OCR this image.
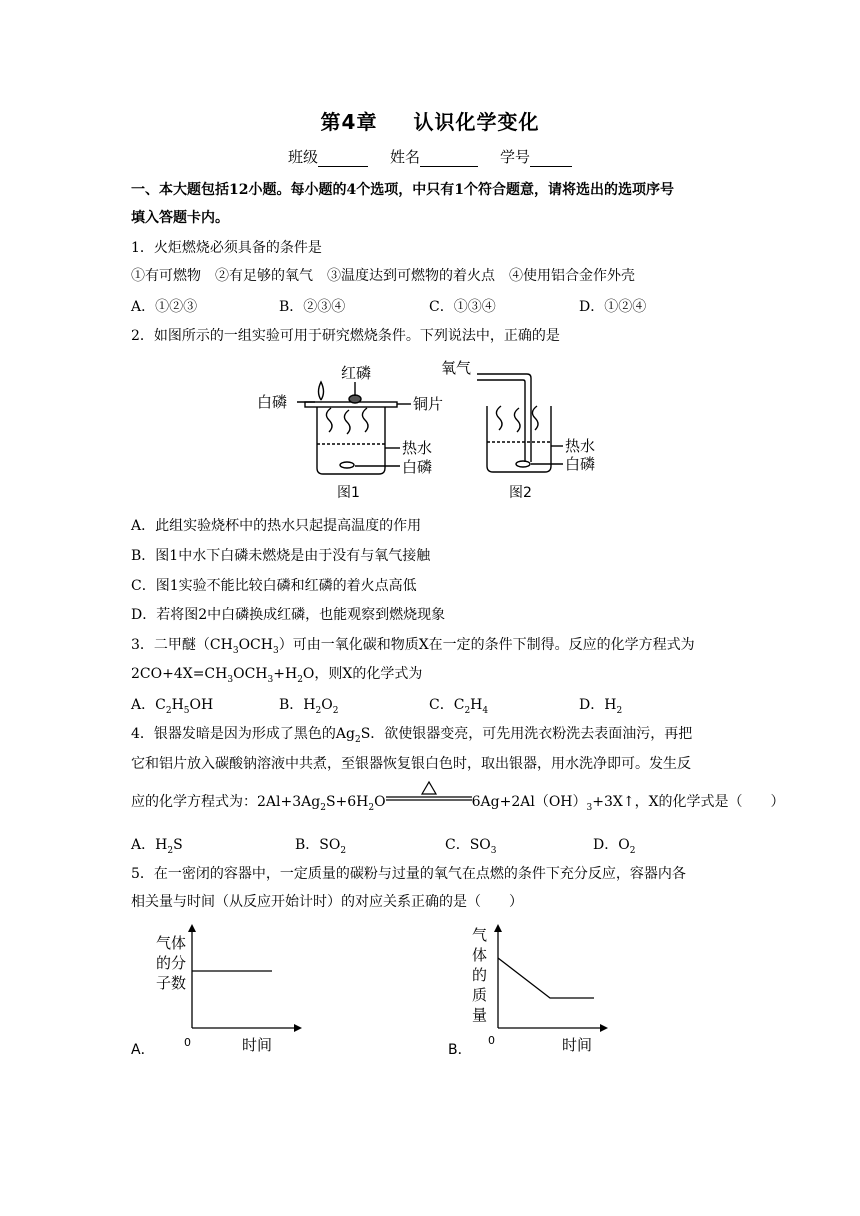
第4章 认识化学变化
班级	姓名	学号
一、本大题包括12小题。每小题的4个选项，中只有1个符合题意，请将选出的选项序号
填入答题卡内。
1．火炬燃烧必须具备的条件是
①有可燃物　②有足够的氧气　③温度达到可燃物的着火点　④使用铝合金作外壳
A．①②③	B．②③④	C．①③④	D．①②④
2．如图所示的一组实验可用于研究燃烧条件。下列说法中，正确的是
红磷
白磷	铜片
热水
白磷
图1
氧气
热水
白磷
图2
A．此组实验烧杯中的热水只起提高温度的作用
B．图1中水下白磷未燃烧是由于没有与氧气接触
C．图1实验不能比较白磷和红磷的着火点高低
D．若将图2中白磷换成红磷，也能观察到燃烧现象
3．二甲醚$(CH_3OCH_3)$可由一氧化碳和物质X在一定的条件下制得。反应的化学方程式为
$2CO+4X=CH_3OCH_3+H_2O$，则X的化学式为
A．$C_2H_5OH$	B．$H_2O_2$	C．$C_2H_4$	D．$H_2$
4．银器发暗是因为形成了黑色的$Ag_2S$．欲使银器变亮，可先用洗衣粉洗去表面油污，再把
它和铝片放入碳酸钠溶液中共煮，至银器恢复银白色时，取出银器，用水洗净即可。发生反
应的化学方程式为：$2Al+3Ag_2S+6H_2O$	$6Ag+2Al(OH)_3+3X↑$，X的化学式是（　　）
A．$H_2S$	B．$SO_2$	C．$SO_3$	D．$O_2$
5．在一密闭的容器中，一定质量的碳粉与过量的氧气在点燃的条件下充分反应，容器内各
相关量与时间（从反应开始计时）的对应关系正确的是（　　）
气体
的分
子数
0	时间
A．
气
体
的
质
量
0	时间
B．
